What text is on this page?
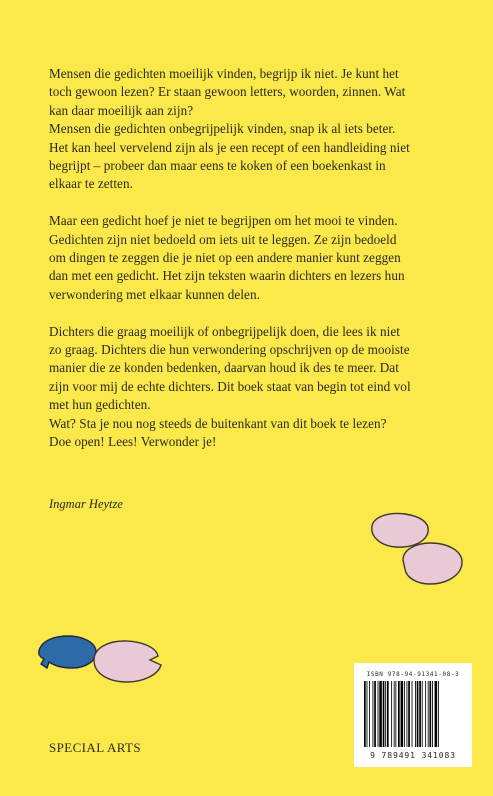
Mensen die gedichten moeilijk vinden, begrijp ik niet. Je kunt het
toch gewoon lezen? Er staan gewoon letters, woorden, zinnen. Wat
kan daar moeilijk aan zijn?
Mensen die gedichten onbegrijpelijk vinden, snap ik al iets beter.
Het kan heel vervelend zijn als je een recept of een handleiding niet
begrijpt – probeer dan maar eens te koken of een boekenkast in
elkaar te zetten.

Maar een gedicht hoef je niet te begrijpen om het mooi te vinden.
Gedichten zijn niet bedoeld om iets uit te leggen. Ze zijn bedoeld
om dingen te zeggen die je niet op een andere manier kunt zeggen
dan met een gedicht. Het zijn teksten waarin dichters en lezers hun
verwondering met elkaar kunnen delen.

Dichters die graag moeilijk of onbegrijpelijk doen, die lees ik niet
zo graag. Dichters die hun verwondering opschrijven op de mooiste
manier die ze konden bedenken, daarvan houd ik des te meer. Dat
zijn voor mij de echte dichters. Dit boek staat van begin tot eind vol
met hun gedichten.
Wat? Sta je nou nog steeds de buitenkant van dit boek te lezen?
Doe open! Lees! Verwonder je!

Ingmar Heytze
SPECIAL ARTS
ISBN 978-94-91341-08-3
9 789491 341083
